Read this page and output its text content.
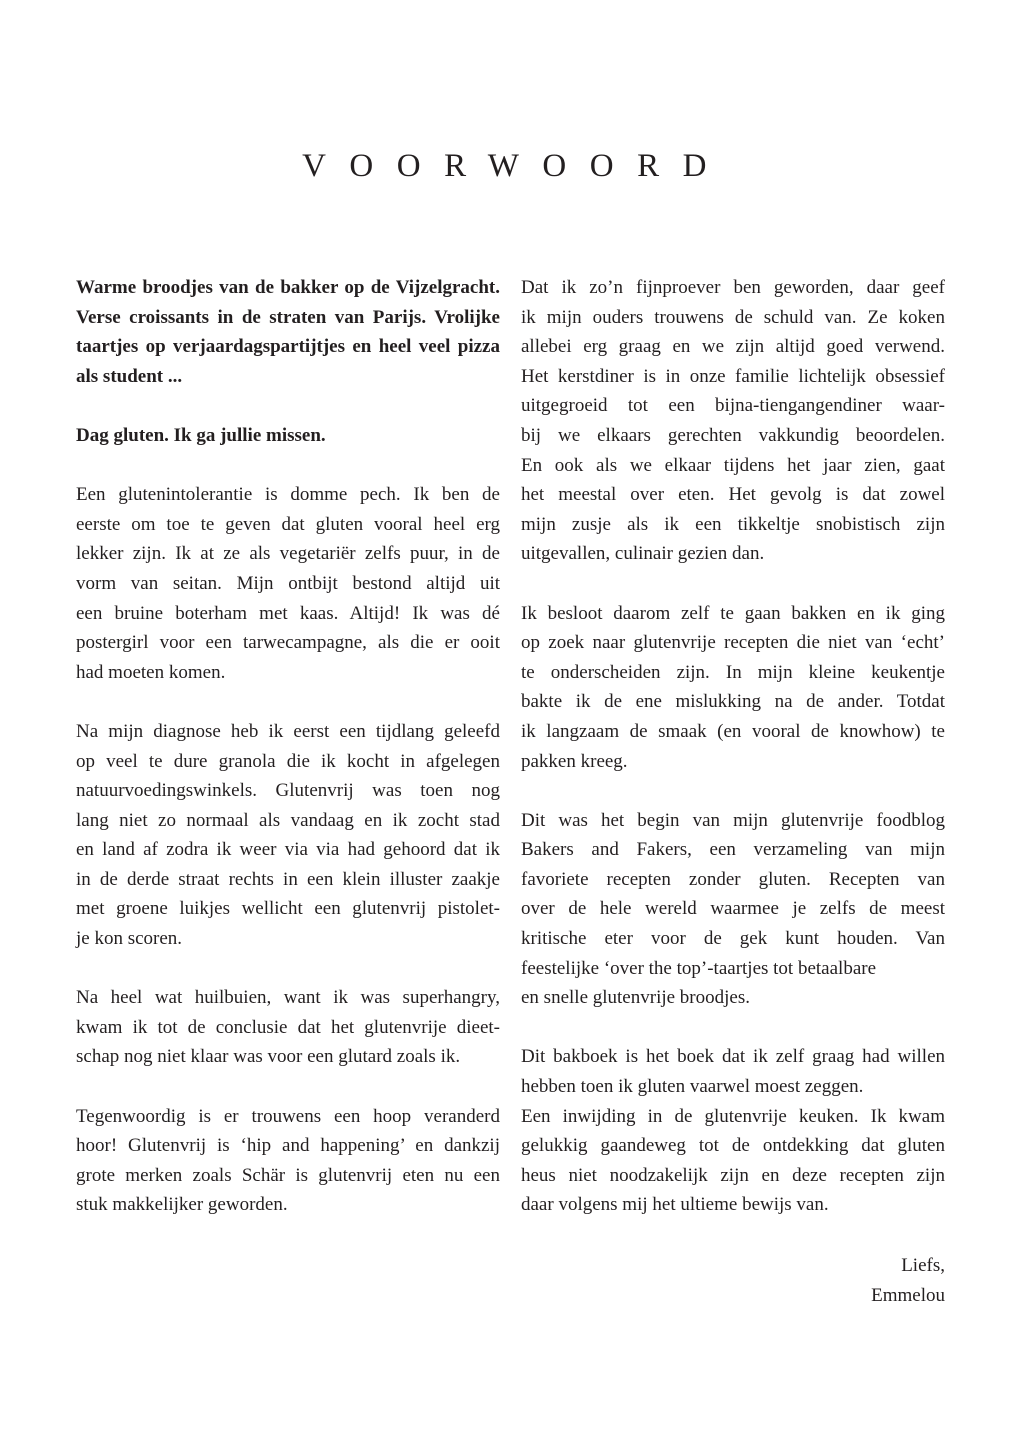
VOORWOORD
Warme broodjes van de bakker op de Vijzelgracht.
Verse croissants in de straten van Parijs. Vrolijke
taartjes op verjaardagspartijtjes en heel veel pizza
als student ...
Dag gluten. Ik ga jullie missen.
Een glutenintolerantie is domme pech. Ik ben de
eerste om toe te geven dat gluten vooral heel erg
lekker zijn. Ik at ze als vegetariër zelfs puur, in de
vorm van seitan. Mijn ontbijt bestond altijd uit
een bruine boterham met kaas. Altijd! Ik was dé
postergirl voor een tarwecampagne, als die er ooit
had moeten komen.
Na mijn diagnose heb ik eerst een tijdlang geleefd
op veel te dure granola die ik kocht in afgelegen
natuurvoedingswinkels. Glutenvrij was toen nog
lang niet zo normaal als vandaag en ik zocht stad
en land af zodra ik weer via via had gehoord dat ik
in de derde straat rechts in een klein illuster zaakje
met groene luikjes wellicht een glutenvrij pistolet-
je kon scoren.
Na heel wat huilbuien, want ik was superhangry,
kwam ik tot de conclusie dat het glutenvrije dieet-
schap nog niet klaar was voor een glutard zoals ik.
Tegenwoordig is er trouwens een hoop veranderd
hoor! Glutenvrij is ‘hip and happening’ en dankzij
grote merken zoals Schär is glutenvrij eten nu een
stuk makkelijker geworden.
Dat ik zo’n fijnproever ben geworden, daar geef
ik mijn ouders trouwens de schuld van. Ze koken
allebei erg graag en we zijn altijd goed verwend.
Het kerstdiner is in onze familie lichtelijk obsessief
uitgegroeid tot een bijna-tiengangendiner waar-
bij we elkaars gerechten vakkundig beoordelen.
En ook als we elkaar tijdens het jaar zien, gaat
het meestal over eten. Het gevolg is dat zowel
mijn zusje als ik een tikkeltje snobistisch zijn
uitgevallen, culinair gezien dan.
Ik besloot daarom zelf te gaan bakken en ik ging
op zoek naar glutenvrije recepten die niet van ‘echt’
te onderscheiden zijn. In mijn kleine keukentje
bakte ik de ene mislukking na de ander. Totdat
ik langzaam de smaak (en vooral de knowhow) te
pakken kreeg.
Dit was het begin van mijn glutenvrije foodblog
Bakers and Fakers, een verzameling van mijn
favoriete recepten zonder gluten. Recepten van
over de hele wereld waarmee je zelfs de meest
kritische eter voor de gek kunt houden. Van
feestelijke ‘over the top’-taartjes tot betaalbare
en snelle glutenvrije broodjes.
Dit bakboek is het boek dat ik zelf graag had willen
hebben toen ik gluten vaarwel moest zeggen.
Een inwijding in de glutenvrije keuken. Ik kwam
gelukkig gaandeweg tot de ontdekking dat gluten
heus niet noodzakelijk zijn en deze recepten zijn
daar volgens mij het ultieme bewijs van.
Liefs,
Emmelou
